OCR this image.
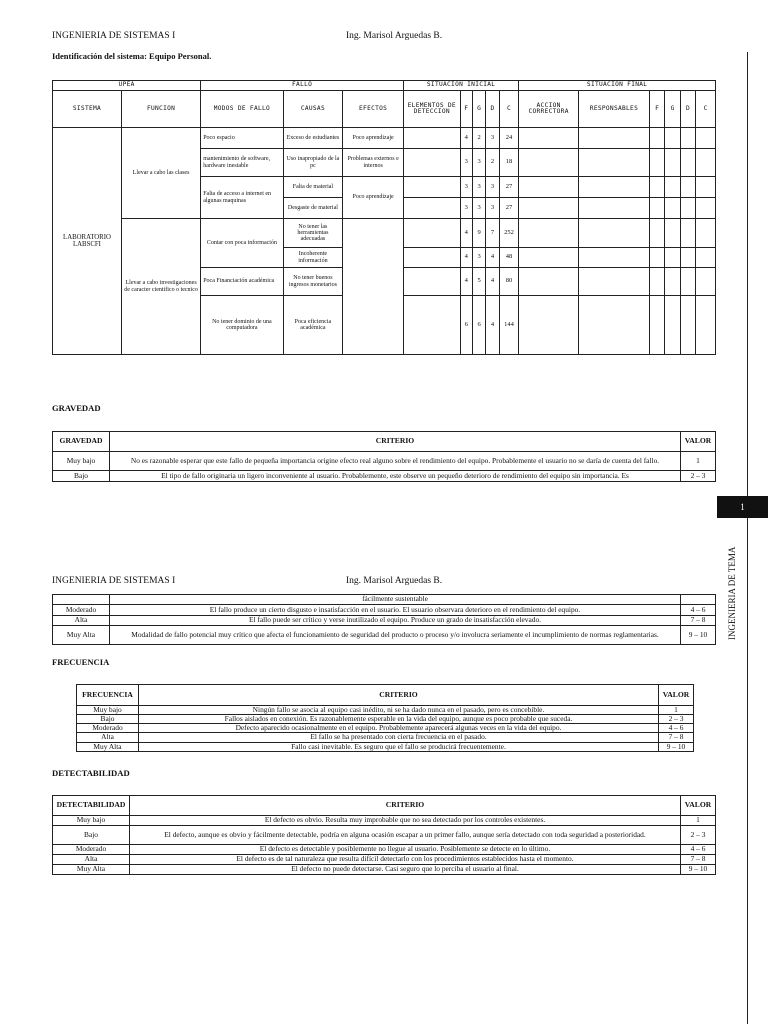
1
INGENIERIA DE TEMA
INGENIERIA DE SISTEMAS I	Ing. Marisol Arguedas B.
Identificación del sistema: Equipo Personal.
UPEA		FALLO			SITUACION INICIAL					SITUACION FINAL					
SISTEMA	FUNCION	MODOS DE FALLO	CAUSAS	EFECTOS	ELEMENTOS DE DETECCION	F	G	D	C	ACCION CORRECTORA	RESPONSABLES	F	G	D	C
LABORATORIO LABSCFI	Llevar a cabo las clases	Poco espacio	Exceso de estudiantes	Poco aprendizaje		4	2	3	24						
		mantenimiento de software, hardware inestable	Uso inapropiado de la pc	Problemas externos e internos		3	3	2	18						
		Falta de acceso a internet en algunas maquinas	Falta de material	Poco aprendizaje		3	3	3	27						
			Desgaste de material			3	3	3	27						
	Llevar a cabo investigaciones de caracter cientifico o tecnico	Contar con poca información	No tener las herramientas adecuadas			4	9	7	252						
			Incoherente información			4	3	4	48						
		Poca Financiación académica	No tener buenos ingresos monetarios			4	5	4	80						
		No tener dominio de una computadora	Poca eficiencia académica			6	6	4	144						
GRAVEDAD
GRAVEDAD	CRITERIO	VALOR
Muy bajo	No es razonable esperar que este fallo de pequeña importancia origine efecto real alguno sobre el rendimiento del equipo. Probablemente el usuario no se daría de cuenta del fallo.	1
Bajo	El tipo de fallo originaria un ligero inconveniente al usuario. Probablemente, este observe un pequeño deterioro de rendimiento del equipo sin importancia. Es	2 – 3
INGENIERIA DE SISTEMAS I	Ing. Marisol Arguedas B.
	fácilmente sustentable	
Moderado	El fallo produce un cierto disgusto e insatisfacción en el usuario. El usuario observara deterioro en el rendimiento del equipo.	4 – 6
Alta	El fallo puede ser crítico y verse inutilizado el equipo. Produce un grado de insatisfacción elevado.	7 – 8
Muy Alta	Modalidad de fallo potencial muy crítico que afecta el funcionamiento de seguridad del producto o proceso y/o involucra seriamente el incumplimiento de normas reglamentarias.	9 – 10
FRECUENCIA
FRECUENCIA	CRITERIO	VALOR
Muy bajo	Ningún fallo se asocia al equipo casi inédito, ni se ha dado nunca en el pasado, pero es concebible.	1
Bajo	Fallos aislados en conexión. Es razonablemente esperable en la vida del equipo, aunque es poco probable que suceda.	2 – 3
Moderado	Defecto aparecido ocasionalmente en el equipo. Probablemente aparecerá algunas veces en la vida del equipo.	4 – 6
Alta	El fallo se ha presentado con cierta frecuencia en el pasado.	7 – 8
Muy Alta	Fallo casi inevitable. Es seguro que el fallo se producirá frecuentemente.	9 – 10
DETECTABILIDAD
DETECTABILIDAD	CRITERIO	VALOR
Muy bajo	El defecto es obvio. Resulta muy improbable que no sea detectado por los controles existentes.	1
Bajo	El defecto, aunque es obvio y fácilmente detectable, podría en alguna ocasión escapar a un primer fallo, aunque sería detectado con toda seguridad a posterioridad.	2 – 3
Moderado	El defecto es detectable y posiblemente no llegue al usuario. Posiblemente se detecte en lo último.	4 – 6
Alta	El defecto es de tal naturaleza que resulta difícil detectarlo con los procedimientos establecidos hasta el momento.	7 – 8
Muy Alta	El defecto no puede detectarse. Casi seguro que lo perciba el usuario al final.	9 – 10
